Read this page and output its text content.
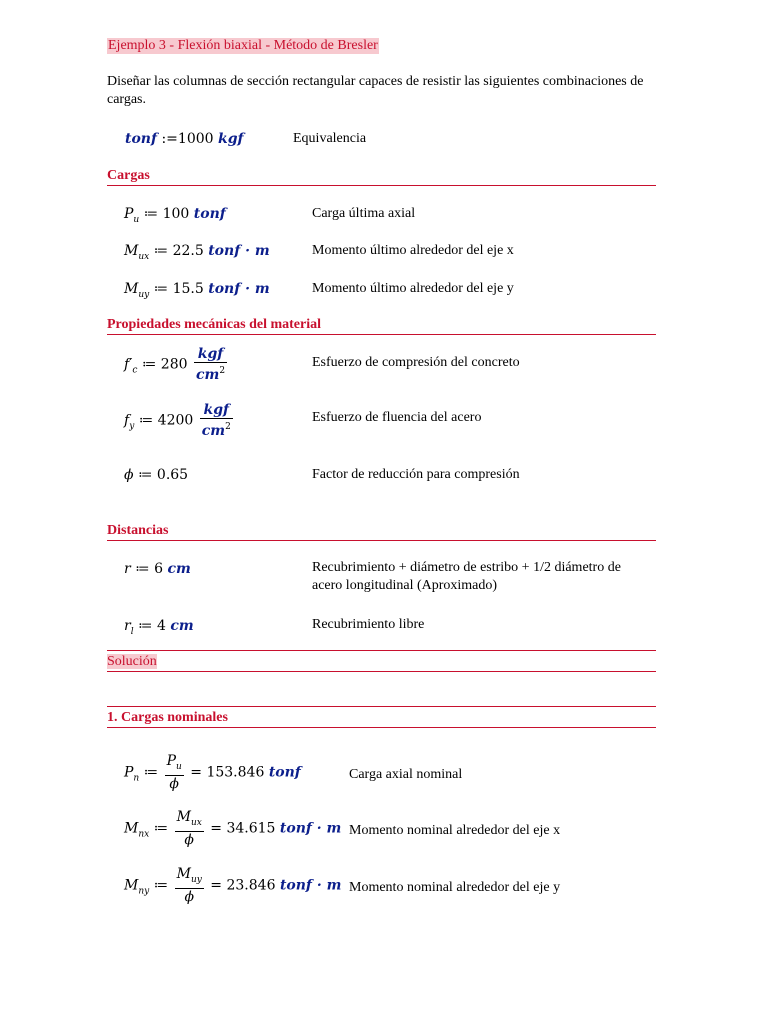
Ejemplo 3 - Flexión biaxial - Método de Bresler
Diseñar las columnas de sección rectangular capaces de resistir las siguientes combinaciones de cargas.
tonf :=1000 kgf	Equivalencia
Cargas
$P_u$ ≔ 100 tonf	Carga última axial
$M_{ux}$ ≔ 22.5 tonf · m	Momento último alrededor del eje x
$M_{uy}$ ≔ 15.5 tonf · m	Momento último alrededor del eje y
Propiedades mecánicas del material
$f'_c$ ≔ $280 \frac{\text{kgf}}{cm^2}$	Esfuerzo de compresión del concreto
$f_y$ ≔ $4200 \frac{\text{kgf}}{cm^2}$	Esfuerzo de fluencia del acero
ϕ ≔ 0.65	Factor de reducción para compresión
Distancias
r ≔ 6 cm	Recubrimiento + diámetro de estribo + 1/2 diámetro de acero longitudinal (Aproximado)
$r_l$ ≔ 4 cm	Recubrimiento libre
Solución
1. Cargas nominales
$P_n$ ≔ $\frac{P_u}{\phi} = 153.846$ tonf	Carga axial nominal
$M_{nx}$ ≔ $\frac{M_{ux}}{\phi} = 34.615$ tonf · m Momento nominal alrededor del eje x
$M_{ny}$ ≔ $\frac{M_{uy}}{\phi} = 23.846$ tonf · m Momento nominal alrededor del eje y
